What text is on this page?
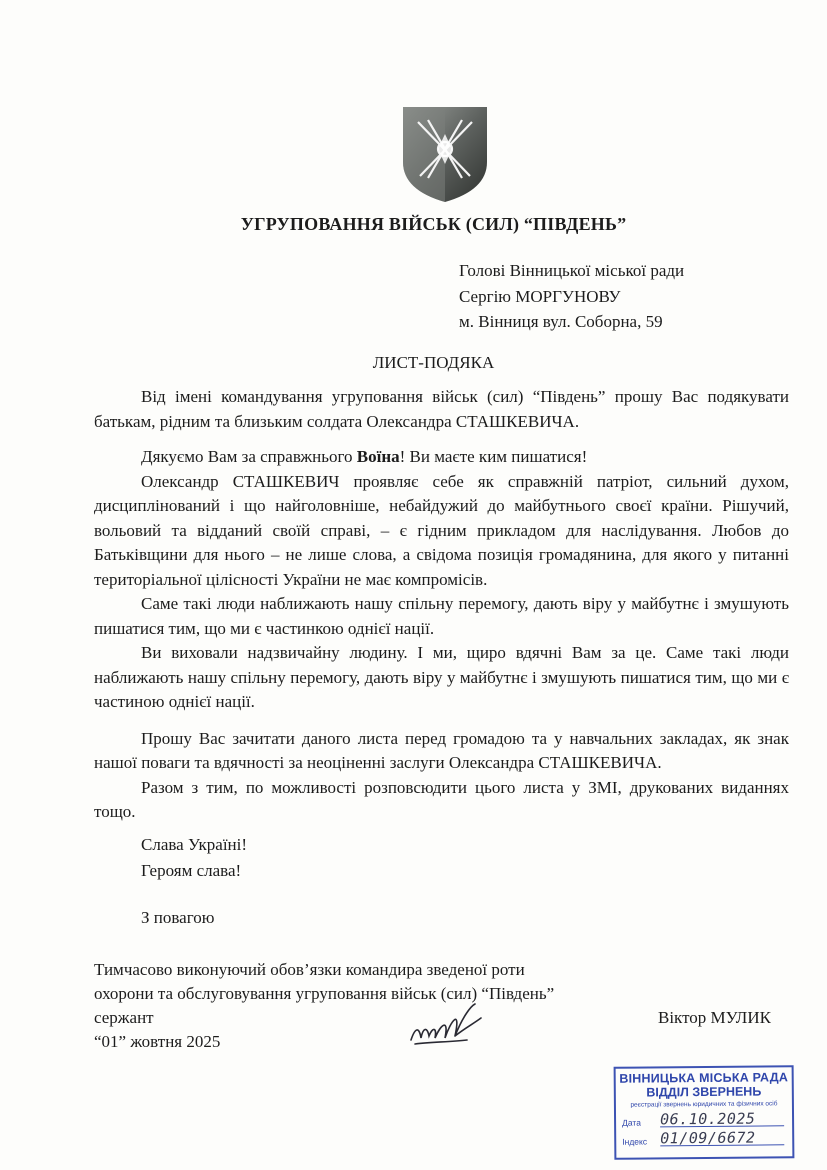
УГРУПОВАННЯ ВІЙСЬК (СИЛ) “ПІВДЕНЬ”
Голові Вінницької міської ради
Сергію МОРГУНОВУ
м. Вінниця вул. Соборна, 59
ЛИСТ-ПОДЯКА

Від імені командування угруповання військ (сил) “Південь” прошу Вас подякувати батькам, рідним та близьким солдата Олександра СТАШКЕВИЧА.

Дякуємо Вам за справжнього Воїна! Ви маєте ким пишатися!

Олександр СТАШКЕВИЧ проявляє себе як справжній патріот, сильний духом, дисциплінований і що найголовніше, небайдужий до майбутнього своєї країни. Рішучий, вольовий та відданий своїй справі, – є гідним прикладом для наслідування. Любов до Батьківщини для нього – не лише слова, а свідома позиція громадянина, для якого у питанні територіальної цілісності України не має компромісів.

Саме такі люди наближають нашу спільну перемогу, дають віру у майбутнє і змушують пишатися тим, що ми є частинкою однієї нації.

Ви виховали надзвичайну людину. І ми, щиро вдячні Вам за це. Саме такі люди наближають нашу спільну перемогу, дають віру у майбутнє і змушують пишатися тим, що ми є частиною однієї нації.

Прошу Вас зачитати даного листа перед громадою та у навчальних закладах, як знак нашої поваги та вдячності за неоціненні заслуги Олександра СТАШКЕВИЧА.

Разом з тим, по можливості розповсюдити цього листа у ЗМІ, друкованих виданнях тощо.

Слава Україні!
Героям слава!
З повагою
Тимчасово виконуючий обов’язки командира зведеної роти
охорони та обслуговування угруповання військ (сил) “Південь”
сержант
“01” жовтня 2025
Віктор МУЛИК
ВІННИЦЬКА МІСЬКА РАДА
ВІДДІЛ ЗВЕРНЕНЬ
реєстрації звернень юридичних та фізичних осіб
Дата	06.10.2025
Індекс 01/09/6672
